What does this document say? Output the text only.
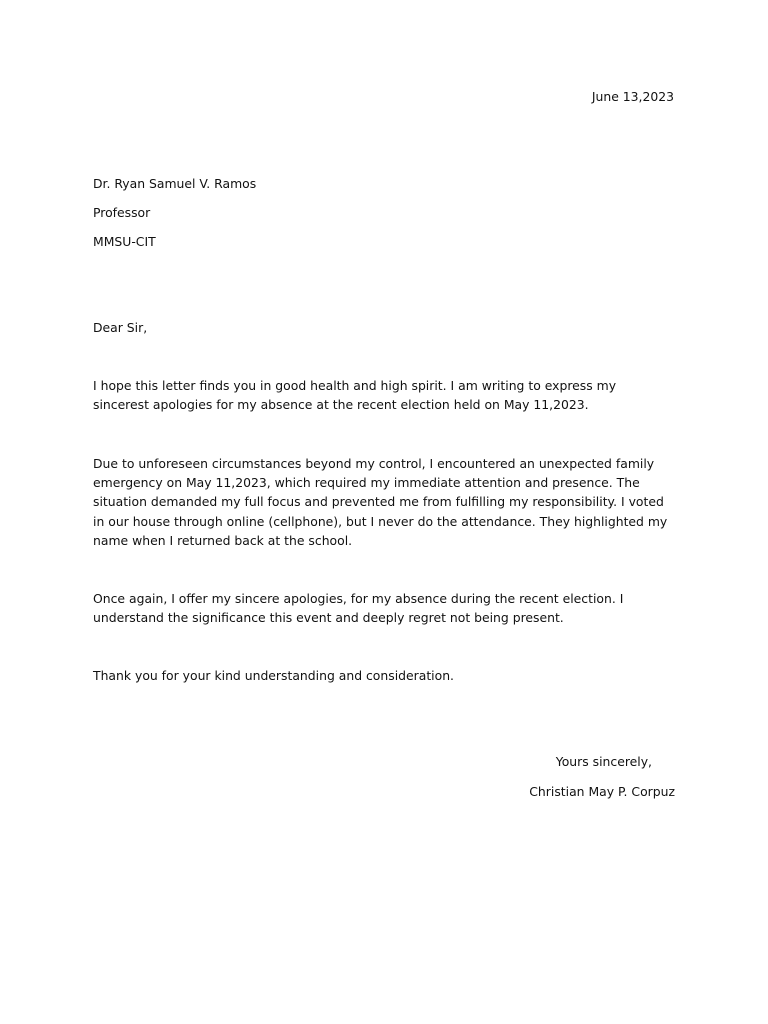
June 13,2023
Dr. Ryan Samuel V. Ramos
Professor
MMSU-CIT
Dear Sir,
I hope this letter finds you in good health and high spirit. I am writing to express my
sincerest apologies for my absence at the recent election held on May 11,2023.
Due to unforeseen circumstances beyond my control, I encountered an unexpected family
emergency on May 11,2023, which required my immediate attention and presence. The
situation demanded my full focus and prevented me from fulfilling my responsibility. I voted
in our house through online (cellphone), but I never do the attendance. They highlighted my
name when I returned back at the school.
Once again, I offer my sincere apologies, for my absence during the recent election. I
understand the significance this event and deeply regret not being present.
Thank you for your kind understanding and consideration.
Yours sincerely,
Christian May P. Corpuz
